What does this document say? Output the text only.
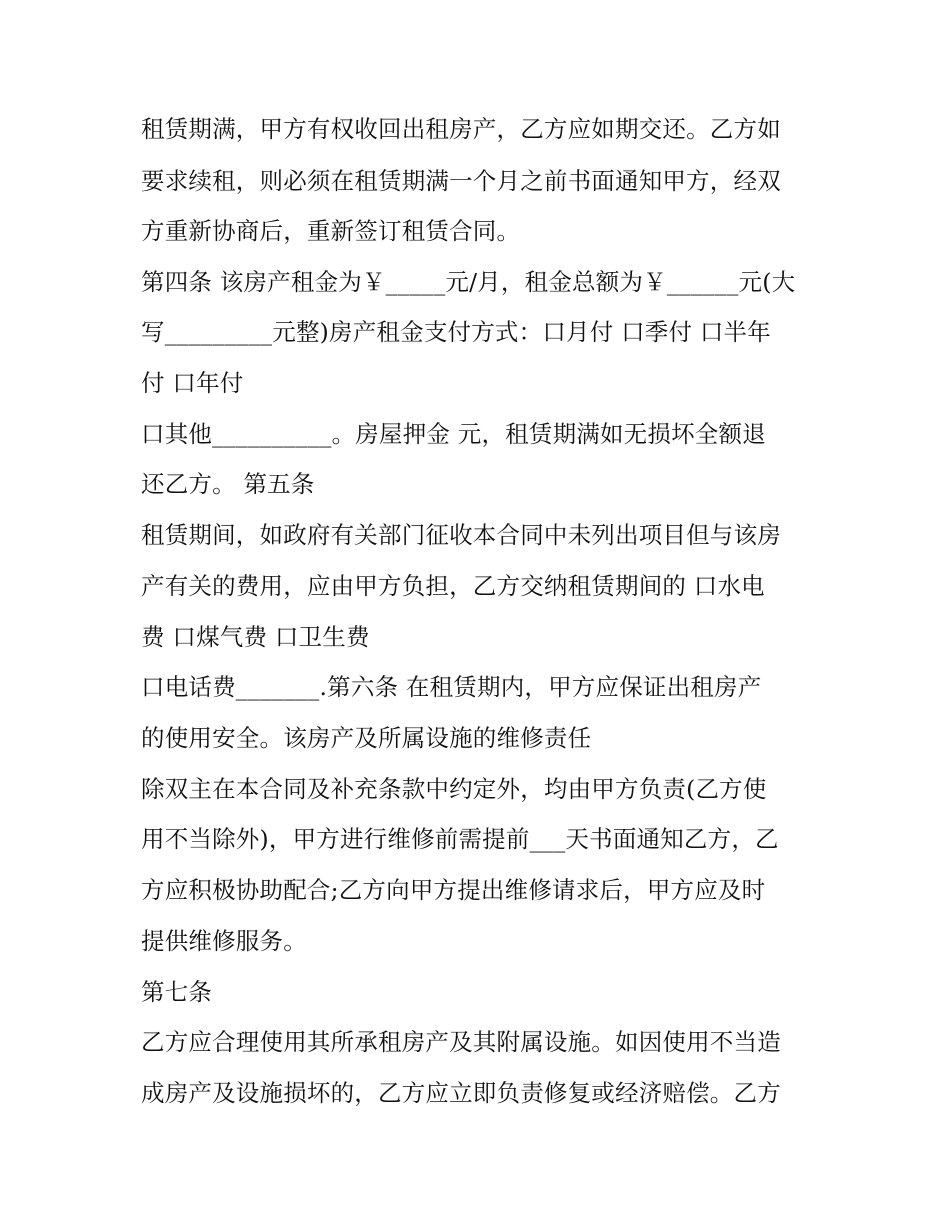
租赁期满，甲方有权收回出租房产，乙方应如期交还。乙方如
要求续租，则必须在租赁期满一个月之前书面通知甲方，经双
方重新协商后，重新签订租赁合同。
第四条 该房产租金为￥_____元/月，租金总额为￥______元(大
写_________元整)房产租金支付方式：口月付 口季付 口半年
付 口年付
口其他__________。房屋押金 元，租赁期满如无损坏全额退
还乙方。 第五条
租赁期间，如政府有关部门征收本合同中未列出项目但与该房
产有关的费用，应由甲方负担，乙方交纳租赁期间的 口水电
费 口煤气费 口卫生费
口电话费_______.第六条 在租赁期内，甲方应保证出租房产
的使用安全。该房产及所属设施的维修责任
除双主在本合同及补充条款中约定外，均由甲方负责(乙方使
用不当除外)，甲方进行维修前需提前___天书面通知乙方，乙
方应积极协助配合;乙方向甲方提出维修请求后，甲方应及时
提供维修服务。
第七条
乙方应合理使用其所承租房产及其附属设施。如因使用不当造
成房产及设施损坏的，乙方应立即负责修复或经济赔偿。乙方
